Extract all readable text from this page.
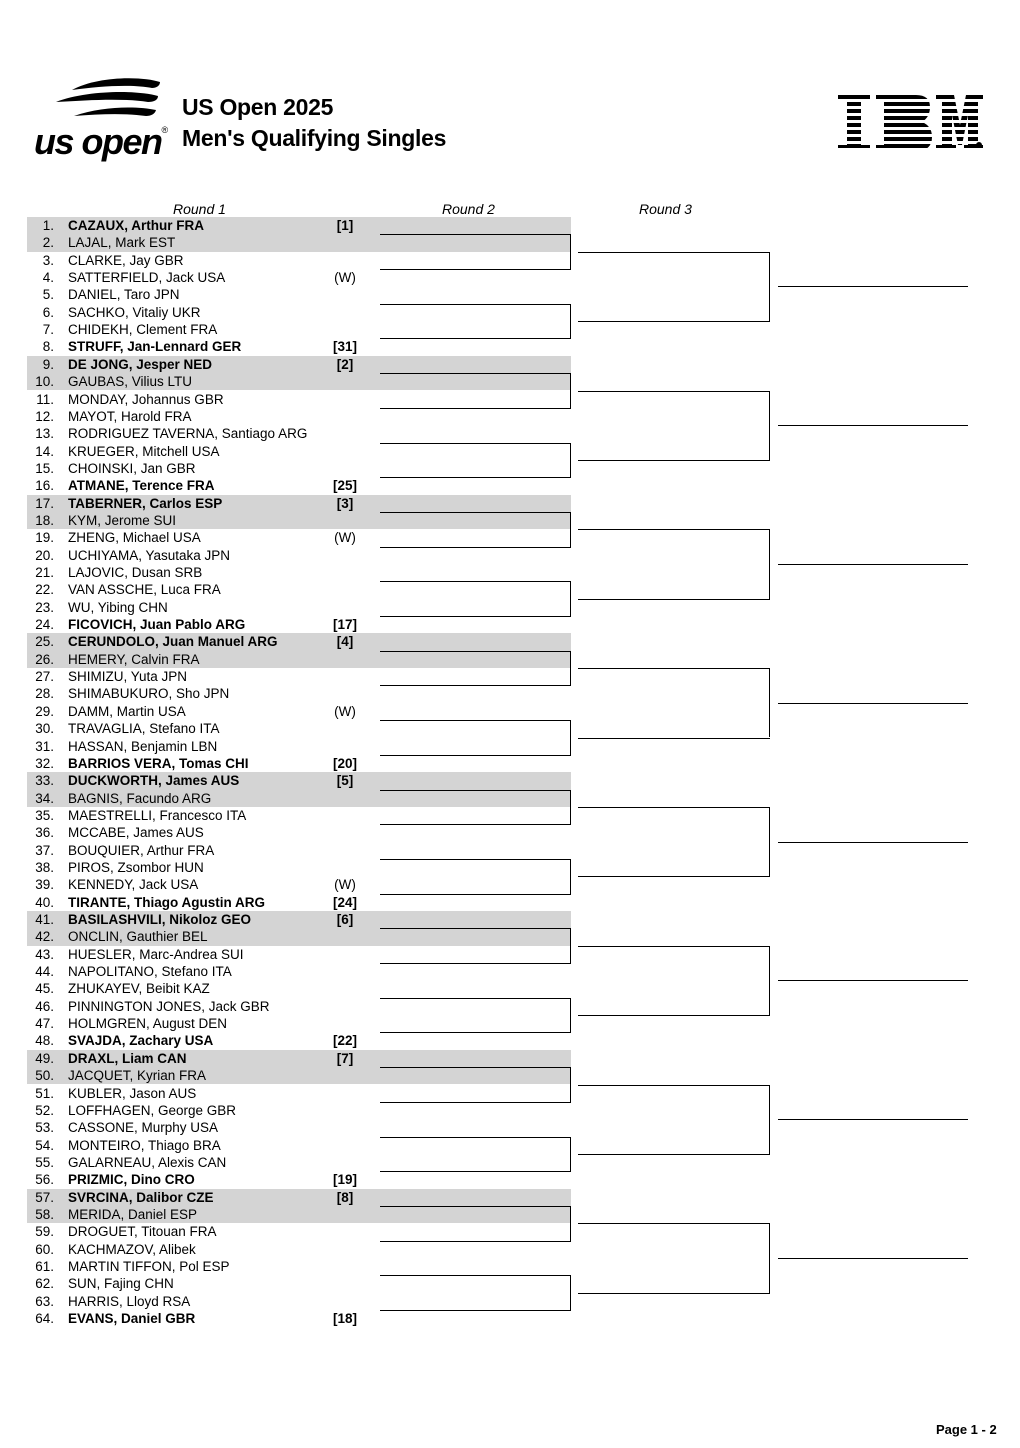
us open®
US Open 2025
Men's Qualifying Singles
Round 1	Round 2	Round 3
1. CAZAUX, Arthur FRA	[1]
2. LAJAL, Mark EST
3. CLARKE, Jay GBR
4. SATTERFIELD, Jack USA	(W)
5. DANIEL, Taro JPN
6. SACHKO, Vitaliy UKR
7. CHIDEKH, Clement FRA
8. STRUFF, Jan-Lennard GER	[31]
9. DE JONG, Jesper NED	[2]
10. GAUBAS, Vilius LTU
11. MONDAY, Johannus GBR
12. MAYOT, Harold FRA
13. RODRIGUEZ TAVERNA, Santiago ARG
14. KRUEGER, Mitchell USA
15. CHOINSKI, Jan GBR
16. ATMANE, Terence FRA	[25]
17. TABERNER, Carlos ESP	[3]
18. KYM, Jerome SUI
19. ZHENG, Michael USA	(W)
20. UCHIYAMA, Yasutaka JPN
21. LAJOVIC, Dusan SRB
22. VAN ASSCHE, Luca FRA
23. WU, Yibing CHN
24. FICOVICH, Juan Pablo ARG	[17]
25. CERUNDOLO, Juan Manuel ARG	[4]
26. HEMERY, Calvin FRA
27. SHIMIZU, Yuta JPN
28. SHIMABUKURO, Sho JPN
29. DAMM, Martin USA	(W)
30. TRAVAGLIA, Stefano ITA
31. HASSAN, Benjamin LBN
32. BARRIOS VERA, Tomas CHI	[20]
33. DUCKWORTH, James AUS	[5]
34. BAGNIS, Facundo ARG
35. MAESTRELLI, Francesco ITA
36. MCCABE, James AUS
37. BOUQUIER, Arthur FRA
38. PIROS, Zsombor HUN
39. KENNEDY, Jack USA	(W)
40. TIRANTE, Thiago Agustin ARG	[24]
41. BASILASHVILI, Nikoloz GEO	[6]
42. ONCLIN, Gauthier BEL
43. HUESLER, Marc-Andrea SUI
44. NAPOLITANO, Stefano ITA
45. ZHUKAYEV, Beibit KAZ
46. PINNINGTON JONES, Jack GBR
47. HOLMGREN, August DEN
48. SVAJDA, Zachary USA	[22]
49. DRAXL, Liam CAN	[7]
50. JACQUET, Kyrian FRA
51. KUBLER, Jason AUS
52. LOFFHAGEN, George GBR
53. CASSONE, Murphy USA
54. MONTEIRO, Thiago BRA
55. GALARNEAU, Alexis CAN
56. PRIZMIC, Dino CRO	[19]
57. SVRCINA, Dalibor CZE	[8]
58. MERIDA, Daniel ESP
59. DROGUET, Titouan FRA
60. KACHMAZOV, Alibek
61. MARTIN TIFFON, Pol ESP
62. SUN, Fajing CHN
63. HARRIS, Lloyd RSA
64. EVANS, Daniel GBR	[18]
Page 1 - 2
